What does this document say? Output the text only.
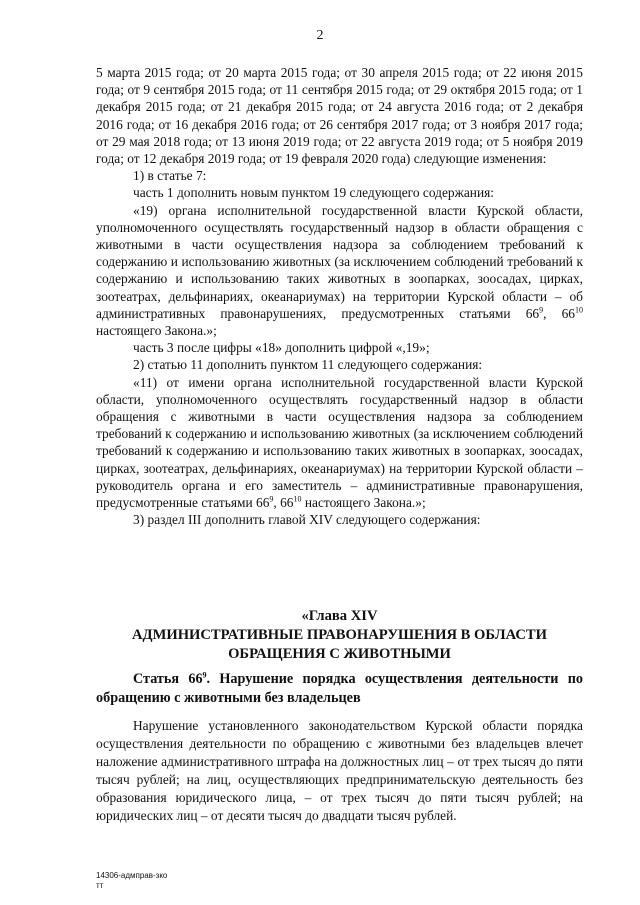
2

5 марта 2015 года; от 20 марта 2015 года; от 30 апреля 2015 года; от 22 июня 2015 года; от 9 сентября 2015 года; от 11 сентября 2015 года; от 29 октября 2015 года; от 1 декабря 2015 года; от 21 декабря 2015 года; от 24 августа 2016 года; от 2 декабря 2016 года; от 16 декабря 2016 года; от 26 сентября 2017 года; от 3 ноября 2017 года; от 29 мая 2018 года; от 13 июня 2019 года; от 22 августа 2019 года; от 5 ноября 2019 года; от 12 декабря 2019 года; от 19 февраля 2020 года) следующие изменения:

1) в статье 7:

часть 1 дополнить новым пунктом 19 следующего содержания:

«19) органа исполнительной государственной власти Курской области, уполномоченного осуществлять государственный надзор в области обращения с животными в части осуществления надзора за соблюдением требований к содержанию и использованию животных (за исключением соблюдений требований к содержанию и использованию таких животных в зоопарках, зоосадах, цирках, зоотеатрах, дельфинариях, океанариумах) на территории Курской области – об административных правонарушениях, предусмотренных статьями $66^9$, $66^{10}$ настоящего Закона.»;

часть 3 после цифры «18» дополнить цифрой «,19»;

2) статью 11 дополнить пунктом 11 следующего содержания:

«11) от имени органа исполнительной государственной власти Курской области, уполномоченного осуществлять государственный надзор в области обращения с животными в части осуществления надзора за соблюдением требований к содержанию и использованию животных (за исключением соблюдений требований к содержанию и использованию таких животных в зоопарках, зоосадах, цирках, зоотеатрах, дельфинариях, океанариумах) на территории Курской области – руководитель органа и его заместитель – административные правонарушения, предусмотренные статьями $66^9$, $66^{10}$ настоящего Закона.»;

3) раздел III дополнить главой XIV следующего содержания:

«Глава XIV
АДМИНИСТРАТИВНЫЕ ПРАВОНАРУШЕНИЯ В ОБЛАСТИ ОБРАЩЕНИЯ С ЖИВОТНЫМИ
Статья $66^9$. Нарушение порядка осуществления деятельности по обращению с животными без владельцев

Нарушение установленного законодательством Курской области порядка осуществления деятельности по обращению с животными без владельцев влечет наложение административного штрафа на должностных лиц – от трех тысяч до пяти тысяч рублей; на лиц, осуществляющих предпринимательскую деятельность без образования юридического лица, – от трех тысяч до пяти тысяч рублей; на юридических лиц – от десяти тысяч до двадцати тысяч рублей.

14306-адмправ-зко
тт
